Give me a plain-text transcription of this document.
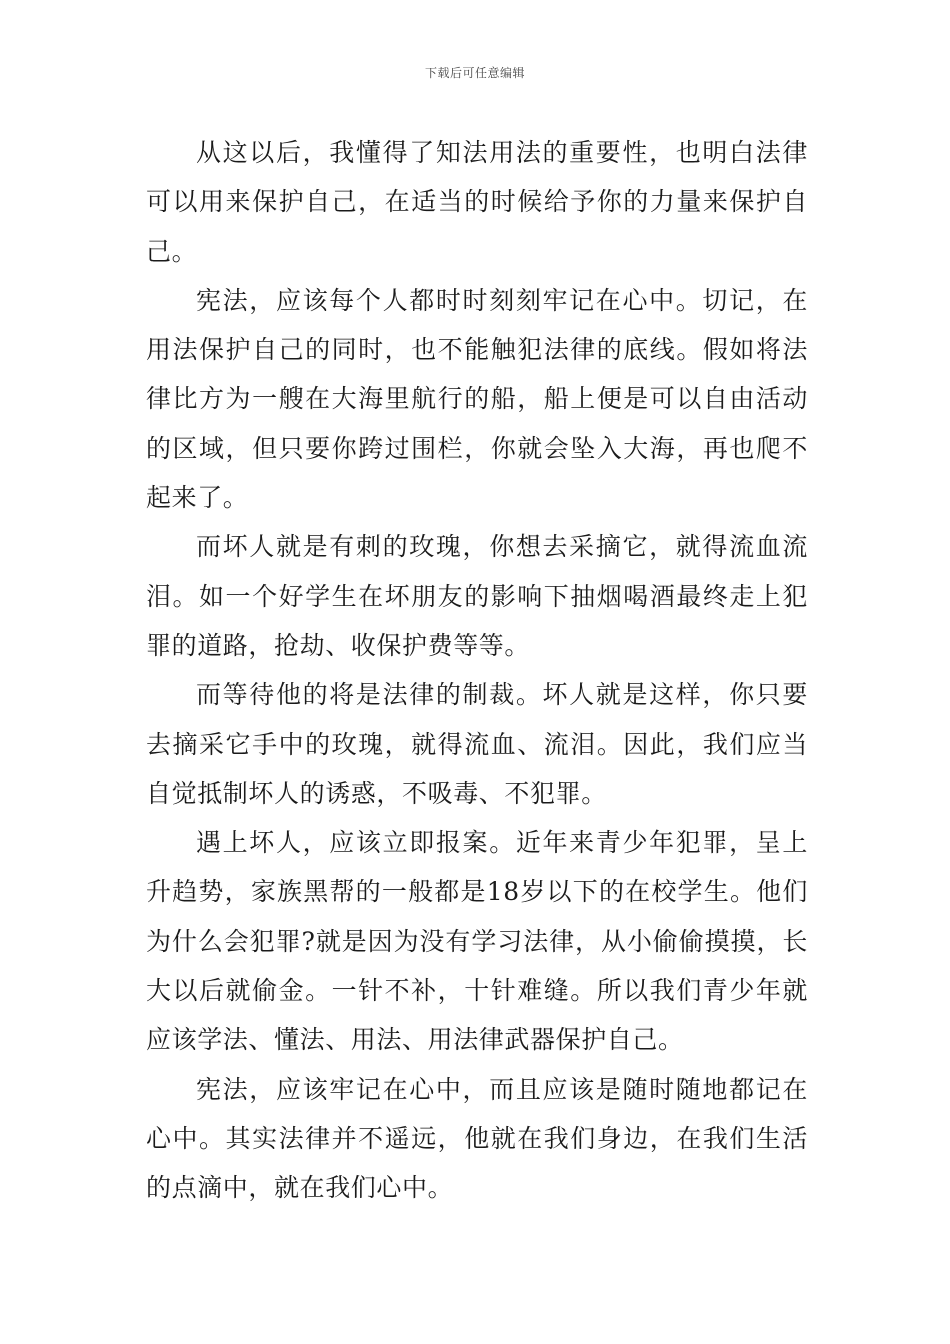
下载后可任意编辑

从这以后，我懂得了知法用法的重要性，也明白法律可以用来保护自己，在适当的时候给予你的力量来保护自己。

宪法，应该每个人都时时刻刻牢记在心中。切记，在用法保护自己的同时，也不能触犯法律的底线。假如将法律比方为一艘在大海里航行的船，船上便是可以自由活动的区域，但只要你跨过围栏，你就会坠入大海，再也爬不起来了。

而坏人就是有刺的玫瑰，你想去采摘它，就得流血流泪。如一个好学生在坏朋友的影响下抽烟喝酒最终走上犯罪的道路，抢劫、收保护费等等。

而等待他的将是法律的制裁。坏人就是这样，你只要去摘采它手中的玫瑰，就得流血、流泪。因此，我们应当自觉抵制坏人的诱惑，不吸毒、不犯罪。

遇上坏人，应该立即报案。近年来青少年犯罪，呈上升趋势，家族黑帮的一般都是18岁以下的在校学生。他们为什么会犯罪?就是因为没有学习法律，从小偷偷摸摸，长大以后就偷金。一针不补，十针难缝。所以我们青少年就应该学法、懂法、用法、用法律武器保护自己。

宪法，应该牢记在心中，而且应该是随时随地都记在心中。其实法律并不遥远，他就在我们身边，在我们生活的点滴中，就在我们心中。
